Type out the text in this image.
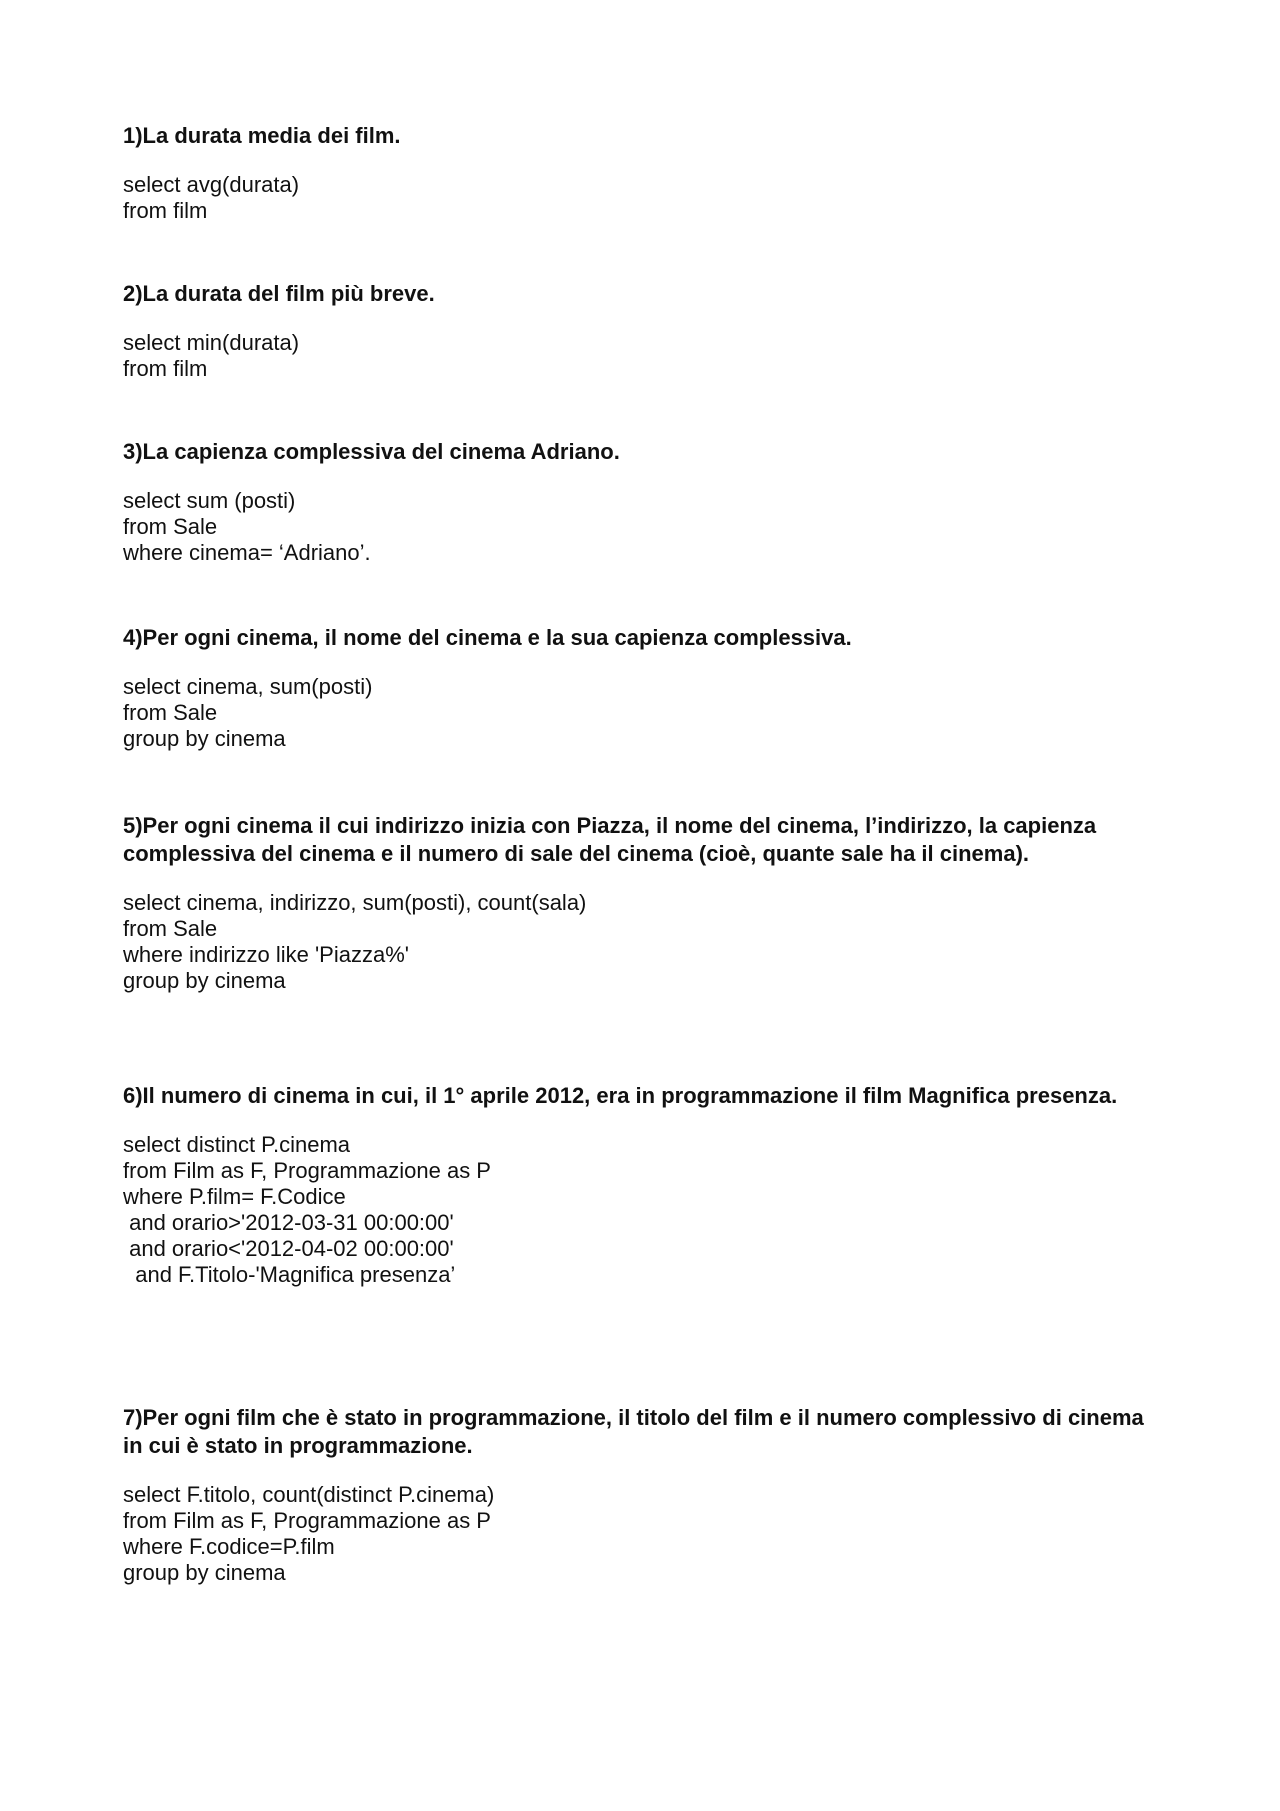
1)La durata media dei film.

select avg(durata)
from film

2)La durata del film più breve.

select min(durata)
from film

3)La capienza complessiva del cinema Adriano.

select sum (posti)
from Sale
where cinema= ‘Adriano’.

4)Per ogni cinema, il nome del cinema e la sua capienza complessiva.

select cinema, sum(posti)
from Sale
group by cinema

5)Per ogni cinema il cui indirizzo inizia con Piazza, il nome del cinema, l’indirizzo, la capienza complessiva del cinema e il numero di sale del cinema (cioè, quante sale ha il cinema).

select cinema, indirizzo, sum(posti), count(sala)
from Sale
where indirizzo like 'Piazza%'
group by cinema

6)Il numero di cinema in cui, il 1° aprile 2012, era in programmazione il film Magnifica presenza.

select distinct P.cinema
from Film as F, Programmazione as P
where P.film= F.Codice
and orario>'2012-03-31 00:00:00'
and orario<'2012-04-02 00:00:00'
and F.Titolo-'Magnifica presenza’

7)Per ogni film che è stato in programmazione, il titolo del film e il numero complessivo di cinema in cui è stato in programmazione.

select F.titolo, count(distinct P.cinema)
from Film as F, Programmazione as P
where F.codice=P.film
group by cinema
